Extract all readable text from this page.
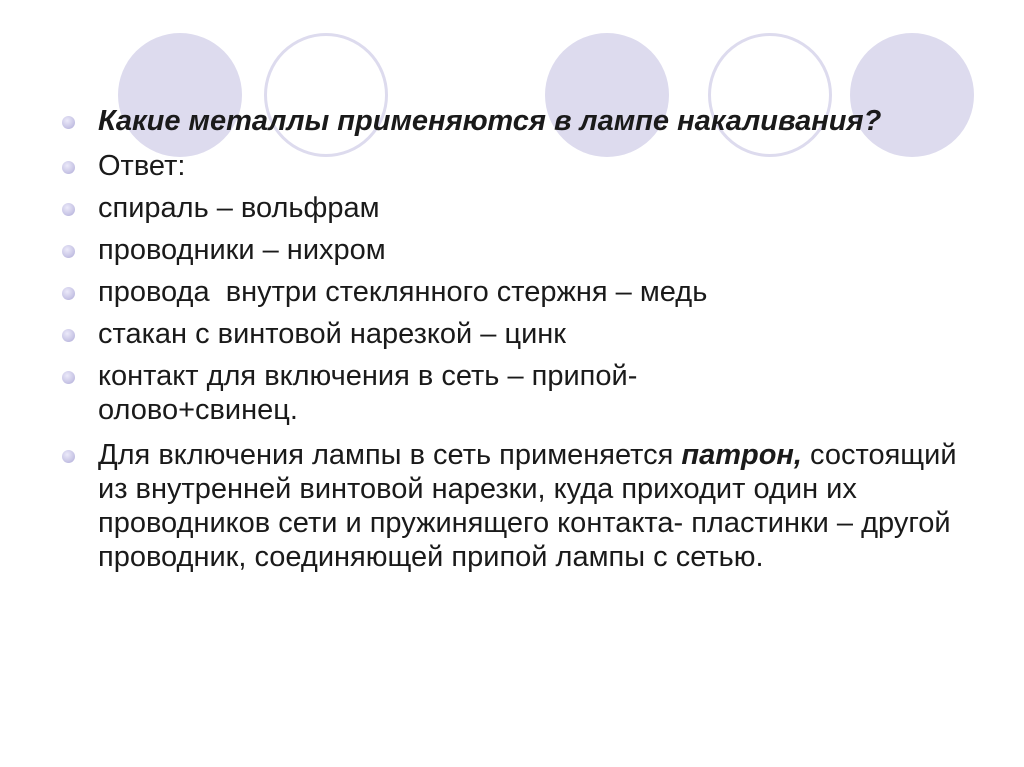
Какие металлы применяются в лампе накаливания?
Ответ:
спираль – вольфрам
проводники – нихром
провода  внутри стеклянного стержня – медь
стакан с винтовой нарезкой – цинк
контакт для включения в сеть – припой-олово+свинец.
Для включения лампы в сеть применяется патрон, состоящий из внутренней винтовой нарезки, куда приходит один их проводников сети и пружинящего контакта- пластинки – другой проводник, соединяющей припой лампы с сетью.
